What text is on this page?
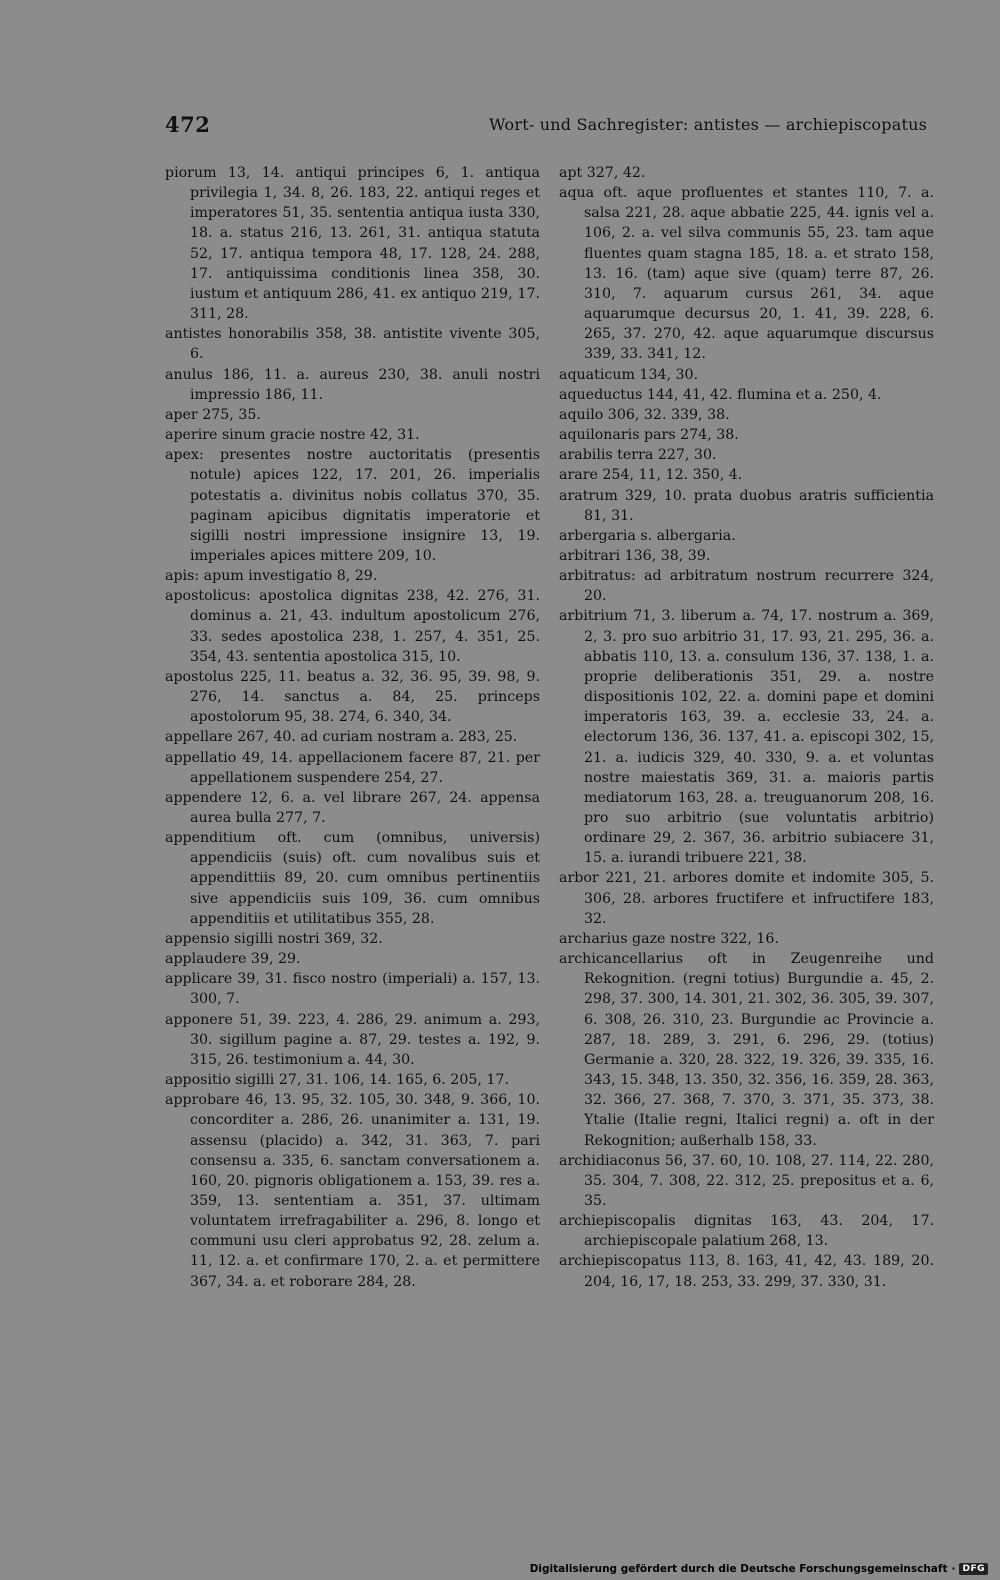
472	Wort- und Sachregister: antistes — archiepiscopatus

piorum 13, 14. antiqui principes 6, 1. antiqua privilegia 1, 34. 8, 26. 183, 22. antiqui reges et imperatores 51, 35. sententia antiqua iusta 330, 18. a. status 216, 13. 261, 31. antiqua statuta 52, 17. antiqua tempora 48, 17. 128, 24. 288, 17. antiquissima conditionis linea 358, 30. iustum et antiquum 286, 41. ex antiquo 219, 17. 311, 28.

antistes honorabilis 358, 38. antistite vivente 305, 6.

anulus 186, 11. a. aureus 230, 38. anuli nostri impressio 186, 11.

aper 275, 35.

aperire sinum gracie nostre 42, 31.

apex: presentes nostre auctoritatis (presentis notule) apices 122, 17. 201, 26. imperialis potestatis a. divinitus nobis collatus 370, 35. paginam apicibus dignitatis imperatorie et sigilli nostri impressione insignire 13, 19. imperiales apices mittere 209, 10.

apis: apum investigatio 8, 29.

apostolicus: apostolica dignitas 238, 42. 276, 31. dominus a. 21, 43. indultum apostolicum 276, 33. sedes apostolica 238, 1. 257, 4. 351, 25. 354, 43. sententia apostolica 315, 10.

apostolus 225, 11. beatus a. 32, 36. 95, 39. 98, 9. 276, 14. sanctus a. 84, 25. princeps apostolorum 95, 38. 274, 6. 340, 34.

appellare 267, 40. ad curiam nostram a. 283, 25.

appellatio 49, 14. appellacionem facere 87, 21. per appellationem suspendere 254, 27.

appendere 12, 6. a. vel librare 267, 24. appensa aurea bulla 277, 7.

appenditium oft. cum (omnibus, universis) appendiciis (suis) oft. cum novalibus suis et appendittiis 89, 20. cum omnibus pertinentiis sive appendiciis suis 109, 36. cum omnibus appenditiis et utilitatibus 355, 28.

appensio sigilli nostri 369, 32.

applaudere 39, 29.

applicare 39, 31. fisco nostro (imperiali) a. 157, 13. 300, 7.

apponere 51, 39. 223, 4. 286, 29. animum a. 293, 30. sigillum pagine a. 87, 29. testes a. 192, 9. 315, 26. testimonium a. 44, 30.

appositio sigilli 27, 31. 106, 14. 165, 6. 205, 17.

approbare 46, 13. 95, 32. 105, 30. 348, 9. 366, 10. concorditer a. 286, 26. unanimiter a. 131, 19. assensu (placido) a. 342, 31. 363, 7. pari consensu a. 335, 6. sanctam conversationem a. 160, 20. pignoris obligationem a. 153, 39. res a. 359, 13. sententiam a. 351, 37. ultimam voluntatem irrefragabiliter a. 296, 8. longo et communi usu cleri approbatus 92, 28. zelum a. 11, 12. a. et confirmare 170, 2. a. et permittere 367, 34. a. et roborare 284, 28.

apt 327, 42.

aqua oft. aque profluentes et stantes 110, 7. a. salsa 221, 28. aque abbatie 225, 44. ignis vel a. 106, 2. a. vel silva communis 55, 23. tam aque fluentes quam stagna 185, 18. a. et strato 158, 13. 16. (tam) aque sive (quam) terre 87, 26. 310, 7. aquarum cursus 261, 34. aque aquarumque decursus 20, 1. 41, 39. 228, 6. 265, 37. 270, 42. aque aquarumque discursus 339, 33. 341, 12.

aquaticum 134, 30.

aqueductus 144, 41, 42. flumina et a. 250, 4.

aquilo 306, 32. 339, 38.

aquilonaris pars 274, 38.

arabilis terra 227, 30.

arare 254, 11, 12. 350, 4.

aratrum 329, 10. prata duobus aratris sufficientia 81, 31.

arbergaria s. albergaria.

arbitrari 136, 38, 39.

arbitratus: ad arbitratum nostrum recurrere 324, 20.

arbitrium 71, 3. liberum a. 74, 17. nostrum a. 369, 2, 3. pro suo arbitrio 31, 17. 93, 21. 295, 36. a. abbatis 110, 13. a. consulum 136, 37. 138, 1. a. proprie deliberationis 351, 29. a. nostre dispositionis 102, 22. a. domini pape et domini imperatoris 163, 39. a. ecclesie 33, 24. a. electorum 136, 36. 137, 41. a. episcopi 302, 15, 21. a. iudicis 329, 40. 330, 9. a. et voluntas nostre maiestatis 369, 31. a. maioris partis mediatorum 163, 28. a. treuguanorum 208, 16. pro suo arbitrio (sue voluntatis arbitrio) ordinare 29, 2. 367, 36. arbitrio subiacere 31, 15. a. iurandi tribuere 221, 38.

arbor 221, 21. arbores domite et indomite 305, 5. 306, 28. arbores fructifere et infructifere 183, 32.

archarius gaze nostre 322, 16.

archicancellarius oft in Zeugenreihe und Rekognition. (regni totius) Burgundie a. 45, 2. 298, 37. 300, 14. 301, 21. 302, 36. 305, 39. 307, 6. 308, 26. 310, 23. Burgundie ac Provincie a. 287, 18. 289, 3. 291, 6. 296, 29. (totius) Germanie a. 320, 28. 322, 19. 326, 39. 335, 16. 343, 15. 348, 13. 350, 32. 356, 16. 359, 28. 363, 32. 366, 27. 368, 7. 370, 3. 371, 35. 373, 38. Ytalie (Italie regni, Italici regni) a. oft in der Rekognition; außerhalb 158, 33.

archidiaconus 56, 37. 60, 10. 108, 27. 114, 22. 280, 35. 304, 7. 308, 22. 312, 25. prepositus et a. 6, 35.

archiepiscopalis dignitas 163, 43. 204, 17. archiepiscopale palatium 268, 13.

archiepiscopatus 113, 8. 163, 41, 42, 43. 189, 20. 204, 16, 17, 18. 253, 33. 299, 37. 330, 31.

Digitalisierung gefördert durch die Deutsche Forschungsgemeinschaft · DFG
